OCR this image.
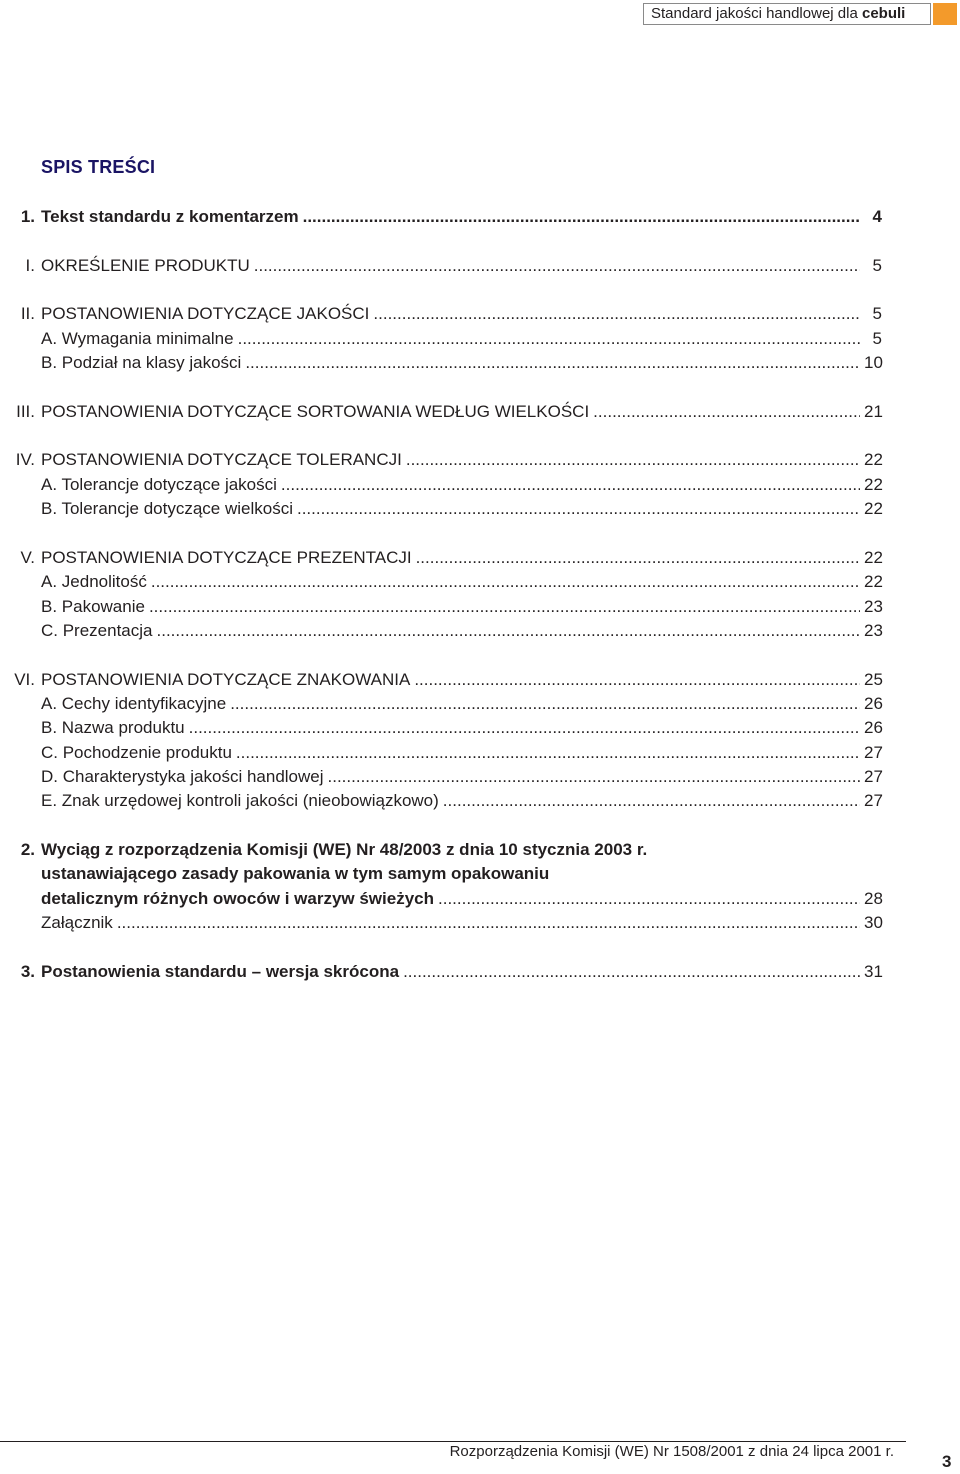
Standard jakości handlowej dla cebuli
SPIS TREŚCI
1. Tekst standardu z komentarzem .....	4
I. OKREŚLENIE PRODUKTU .....	5
II. POSTANOWIENIA DOTYCZĄCE JAKOŚCI .....	5
A. Wymagania minimalne .....	5
B. Podział na klasy jakości .....	10
III. POSTANOWIENIA DOTYCZĄCE SORTOWANIA WEDŁUG WIELKOŚCI .....	21
IV. POSTANOWIENIA DOTYCZĄCE TOLERANCJI .....	22
A. Tolerancje dotyczące jakości .....	22
B. Tolerancje dotyczące wielkości .....	22
V. POSTANOWIENIA DOTYCZĄCE PREZENTACJI .....	22
A. Jednolitość .....	22
B. Pakowanie .....	23
C. Prezentacja .....	23
VI. POSTANOWIENIA DOTYCZĄCE ZNAKOWANIA .....	25
A. Cechy identyfikacyjne .....	26
B. Nazwa produktu .....	26
C. Pochodzenie produktu .....	27
D. Charakterystyka jakości handlowej .....	27
E. Znak urzędowej kontroli jakości (nieobowiązkowo) .....	27
2. Wyciąg z rozporządzenia Komisji (WE) Nr 48/2003 z dnia 10 stycznia 2003 r.
ustanawiającego zasady pakowania w tym samym opakowaniu
detalicznym różnych owoców i warzyw świeżych .....	28
Załącznik .....	30
3. Postanowienia standardu – wersja skrócona .....	31
Rozporządzenia Komisji (WE) Nr 1508/2001 z dnia 24 lipca 2001 r.
3
